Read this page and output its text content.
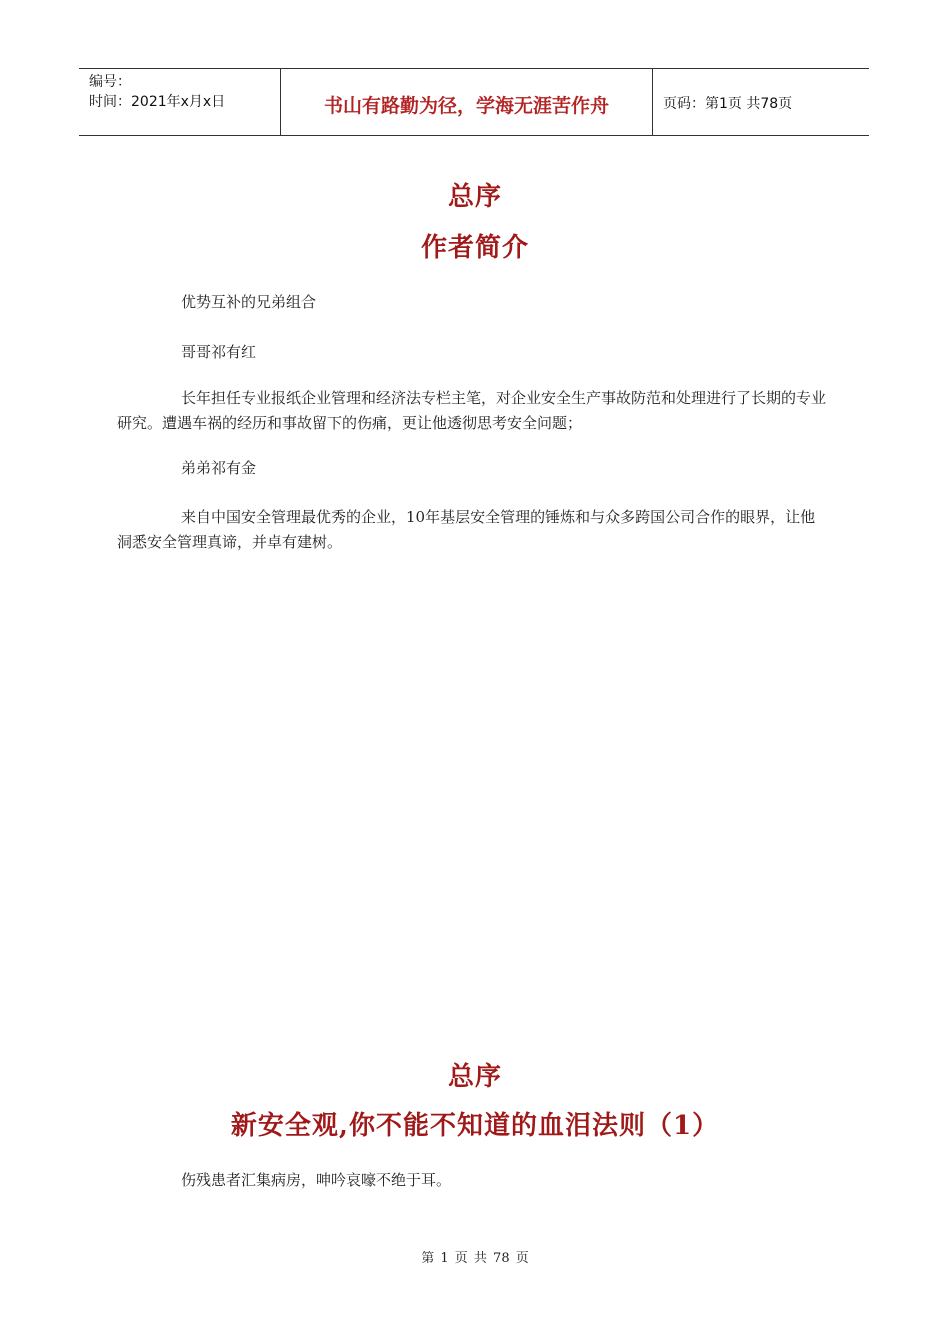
编号：
时间：2021年x月x日	书山有路勤为径，学海无涯苦作舟	页码：第1页 共78页
总序
作者简介

优势互补的兄弟组合

哥哥祁有红

长年担任专业报纸企业管理和经济法专栏主笔，对企业安全生产事故防范和处理进行了长期的专业研究。遭遇车祸的经历和事故留下的伤痛，更让他透彻思考安全问题；

弟弟祁有金

来自中国安全管理最优秀的企业，10年基层安全管理的锤炼和与众多跨国公司合作的眼界，让他洞悉安全管理真谛，并卓有建树。

总序
新安全观,你不能不知道的血泪法则（1）

伤残患者汇集病房，呻吟哀嚎不绝于耳。

第 1 页 共 78 页
